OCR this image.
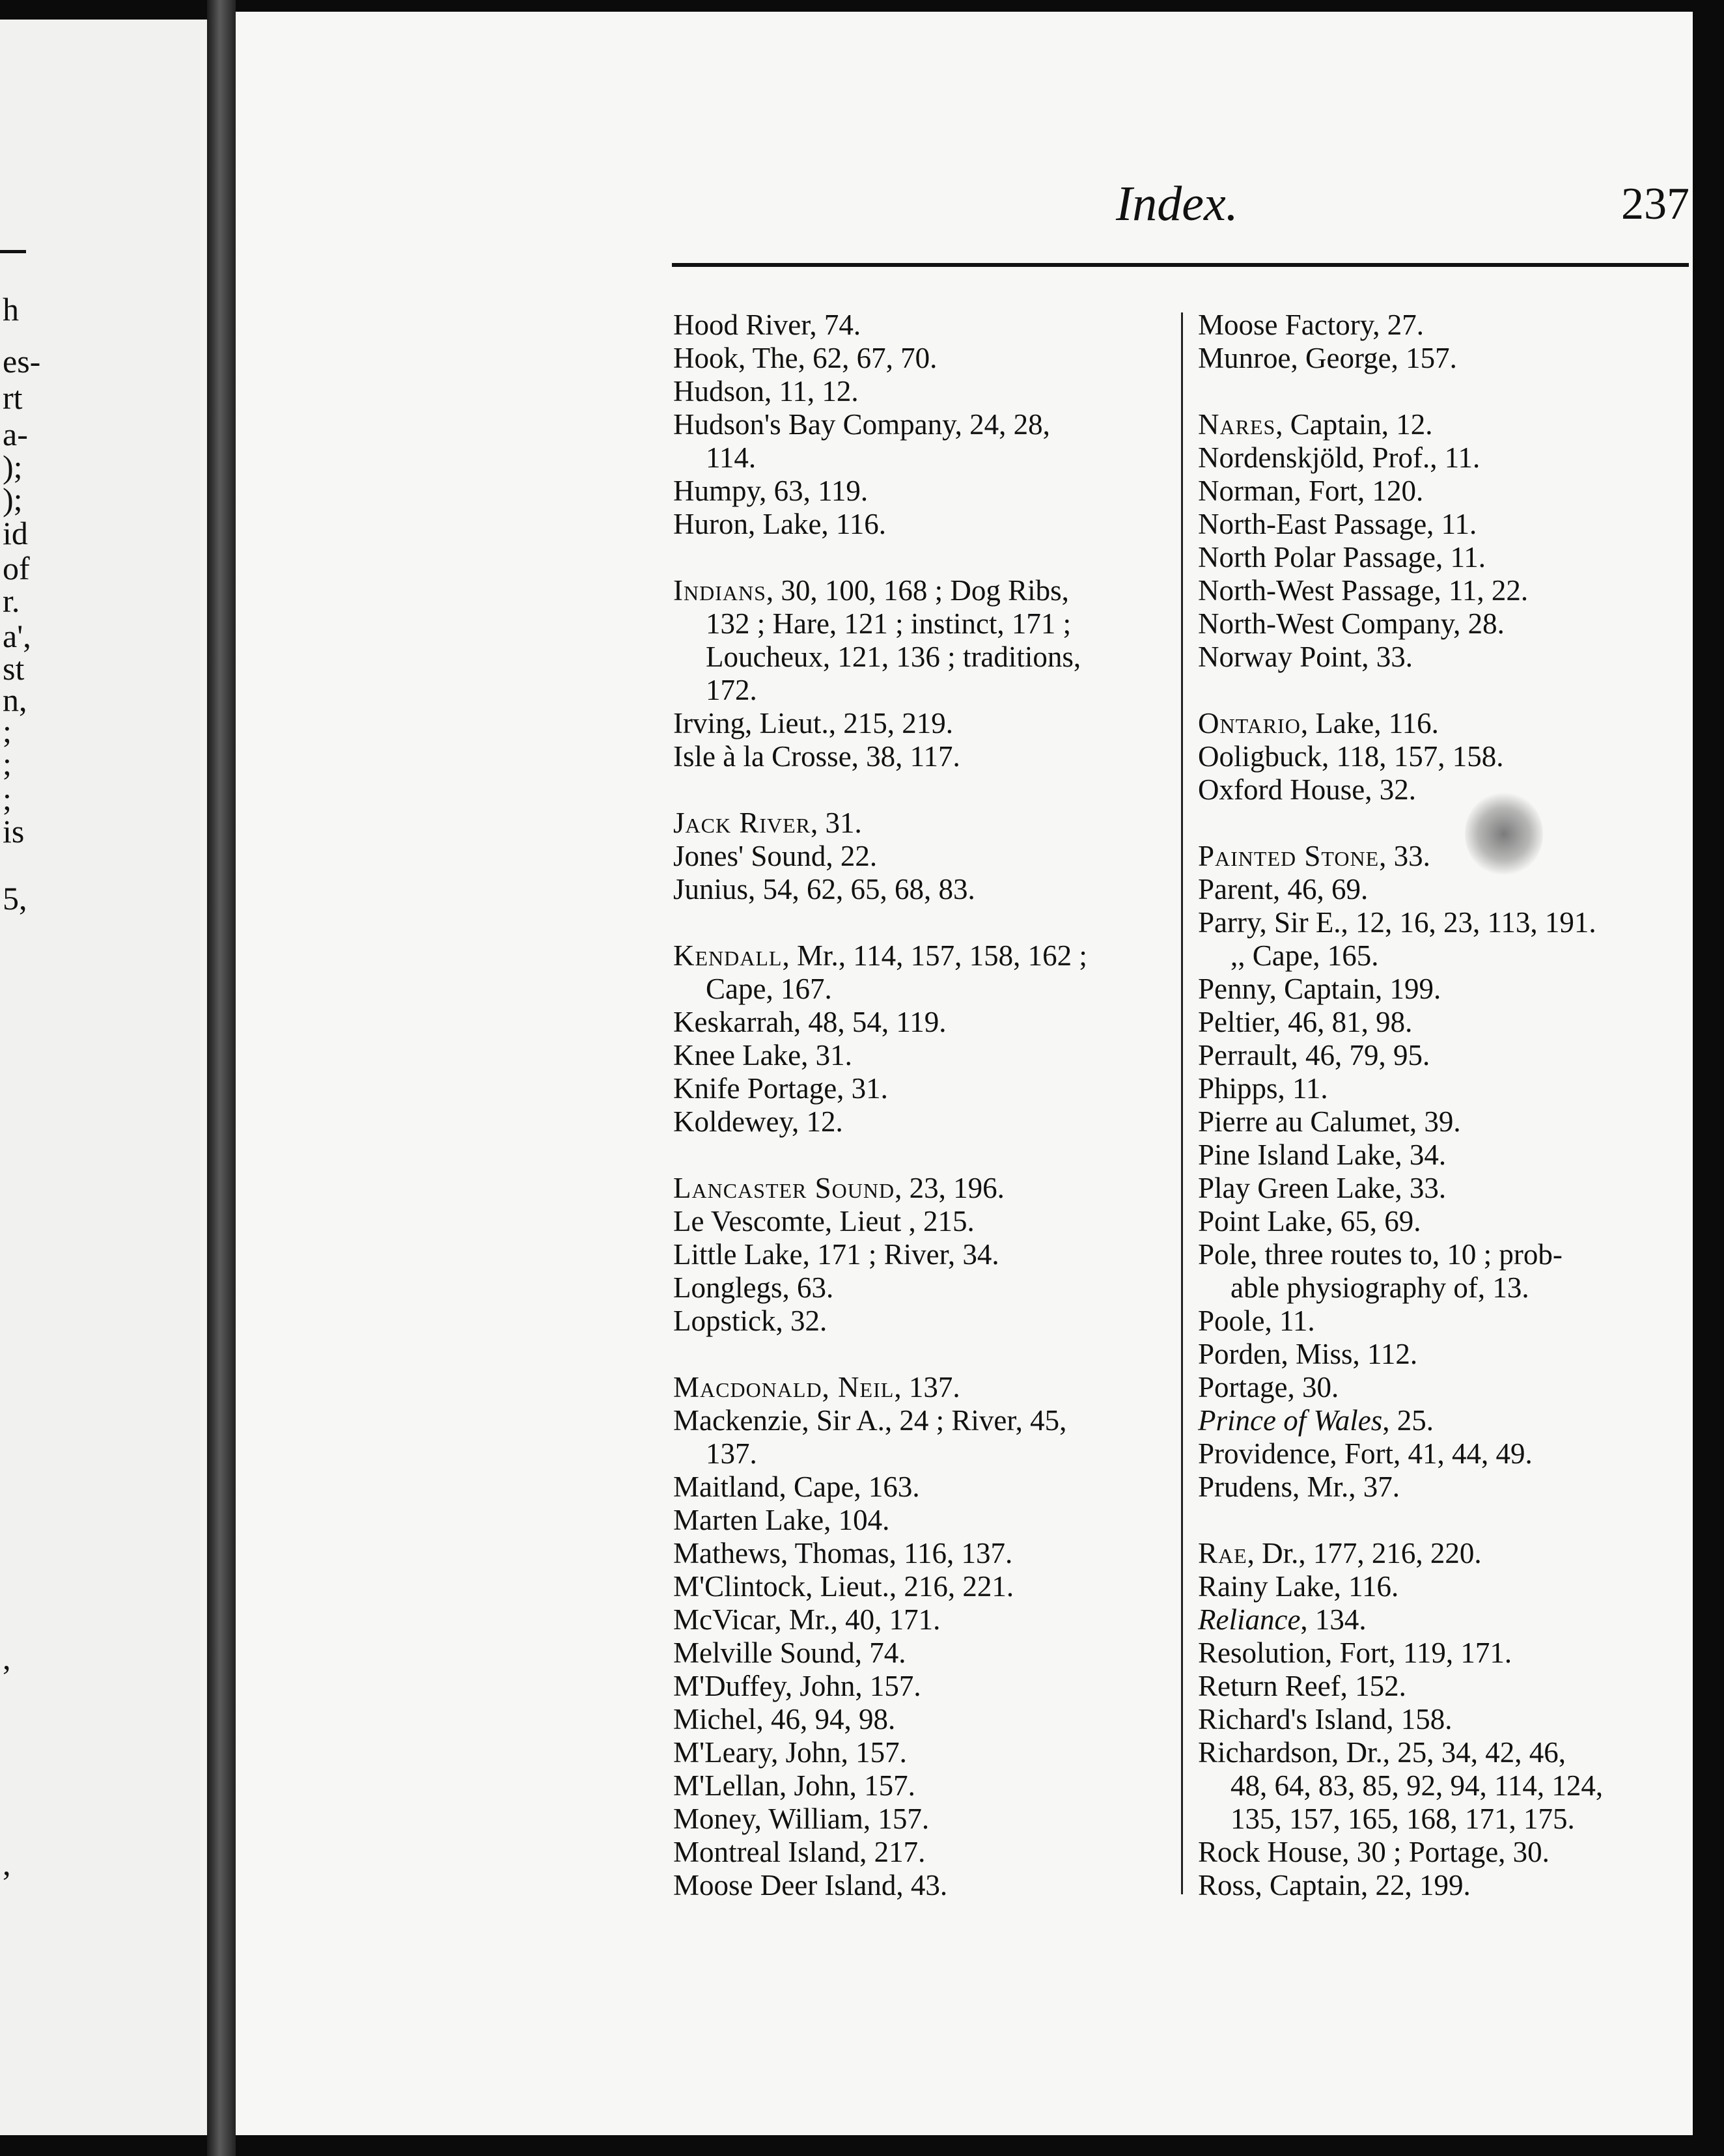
h
es-
rt
a-
);
);
id
of
r.
a',
st
n,
;
;
;
is
5,
,
,
Index.	237
Hood River, 74.
Hook, The, 62, 67, 70.
Hudson, 11, 12.
Hudson's Bay Company, 24, 28,
114.
Humpy, 63, 119.
Huron, Lake, 116.
Indians, 30, 100, 168 ; Dog Ribs,
132 ; Hare, 121 ; instinct, 171 ;
Loucheux, 121, 136 ; traditions,
172.
Irving, Lieut., 215, 219.
Isle à la Crosse, 38, 117.
Jack River, 31.
Jones' Sound, 22.
Junius, 54, 62, 65, 68, 83.
Kendall, Mr., 114, 157, 158, 162 ;
Cape, 167.
Keskarrah, 48, 54, 119.
Knee Lake, 31.
Knife Portage, 31.
Koldewey, 12.
Lancaster Sound, 23, 196.
Le Vescomte, Lieut , 215.
Little Lake, 171 ; River, 34.
Longlegs, 63.
Lopstick, 32.
Macdonald, Neil, 137.
Mackenzie, Sir A., 24 ; River, 45,
137.
Maitland, Cape, 163.
Marten Lake, 104.
Mathews, Thomas, 116, 137.
M'Clintock, Lieut., 216, 221.
McVicar, Mr., 40, 171.
Melville Sound, 74.
M'Duffey, John, 157.
Michel, 46, 94, 98.
M'Leary, John, 157.
M'Lellan, John, 157.
Money, William, 157.
Montreal Island, 217.
Moose Deer Island, 43.
Moose Factory, 27.
Munroe, George, 157.
Nares, Captain, 12.
Nordenskjöld, Prof., 11.
Norman, Fort, 120.
North-East Passage, 11.
North Polar Passage, 11.
North-West Passage, 11, 22.
North-West Company, 28.
Norway Point, 33.
Ontario, Lake, 116.
Ooligbuck, 118, 157, 158.
Oxford House, 32.
Painted Stone, 33.
Parent, 46, 69.
Parry, Sir E., 12, 16, 23, 113, 191.
,, Cape, 165.
Penny, Captain, 199.
Peltier, 46, 81, 98.
Perrault, 46, 79, 95.
Phipps, 11.
Pierre au Calumet, 39.
Pine Island Lake, 34.
Play Green Lake, 33.
Point Lake, 65, 69.
Pole, three routes to, 10 ; prob-
able physiography of, 13.
Poole, 11.
Porden, Miss, 112.
Portage, 30.
Prince of Wales, 25.
Providence, Fort, 41, 44, 49.
Prudens, Mr., 37.
Rae, Dr., 177, 216, 220.
Rainy Lake, 116.
Reliance, 134.
Resolution, Fort, 119, 171.
Return Reef, 152.
Richard's Island, 158.
Richardson, Dr., 25, 34, 42, 46,
48, 64, 83, 85, 92, 94, 114, 124,
135, 157, 165, 168, 171, 175.
Rock House, 30 ; Portage, 30.
Ross, Captain, 22, 199.
